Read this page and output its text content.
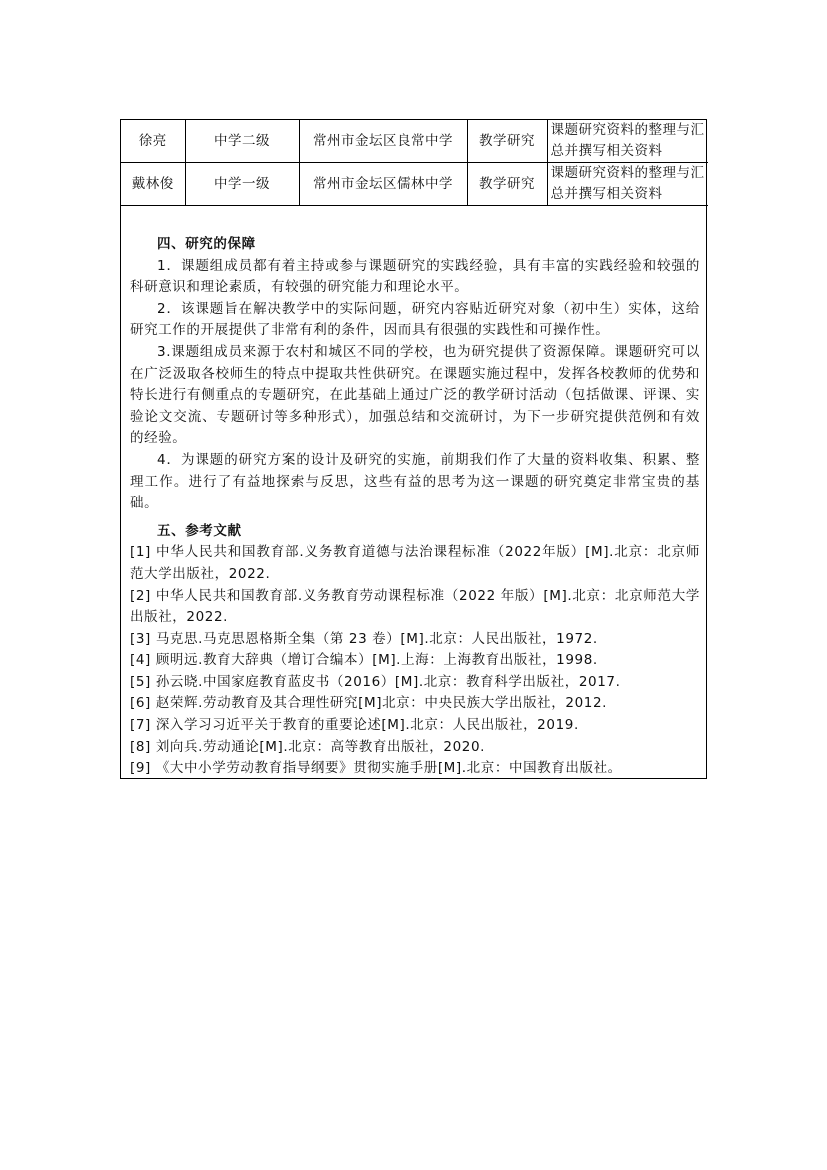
徐亮	中学二级	常州市金坛区良常中学	教学研究	课题研究资料的整理与汇总并撰写相关资料
戴林俊	中学一级	常州市金坛区儒林中学	教学研究	课题研究资料的整理与汇总并撰写相关资料
四、研究的保障

1．课题组成员都有着主持或参与课题研究的实践经验，具有丰富的实践经验和较强的科研意识和理论素质，有较强的研究能力和理论水平。

2．该课题旨在解决教学中的实际问题，研究内容贴近研究对象（初中生）实体，这给研究工作的开展提供了非常有利的条件，因而具有很强的实践性和可操作性。

3.课题组成员来源于农村和城区不同的学校，也为研究提供了资源保障。课题研究可以在广泛汲取各校师生的特点中提取共性供研究。在课题实施过程中，发挥各校教师的优势和特长进行有侧重点的专题研究，在此基础上通过广泛的教学研讨活动（包括做课、评课、实验论文交流、专题研讨等多种形式），加强总结和交流研讨，为下一步研究提供范例和有效的经验。

4．为课题的研究方案的设计及研究的实施，前期我们作了大量的资料收集、积累、整理工作。进行了有益地探索与反思，这些有益的思考为这一课题的研究奠定非常宝贵的基础。

五、参考文献
[1] 中华人民共和国教育部.义务教育道德与法治课程标准（2022年版）[M].北京：北京师范大学出版社，2022.
[2] 中华人民共和国教育部.义务教育劳动课程标准（2022 年版）[M].北京：北京师范大学出版社，2022.
[3] 马克思.马克思恩格斯全集（第 23 卷）[M].北京：人民出版社，1972.
[4] 顾明远.教育大辞典（增订合编本）[M].上海：上海教育出版社，1998.
[5] 孙云晓.中国家庭教育蓝皮书（2016）[M].北京：教育科学出版社，2017.
[6] 赵荣辉.劳动教育及其合理性研究[M]北京：中央民族大学出版社，2012.
[7] 深入学习习近平关于教育的重要论述[M].北京：人民出版社，2019.
[8] 刘向兵.劳动通论[M].北京：高等教育出版社，2020.
[9] 《大中小学劳动教育指导纲要》贯彻实施手册[M].北京：中国教育出版社。
